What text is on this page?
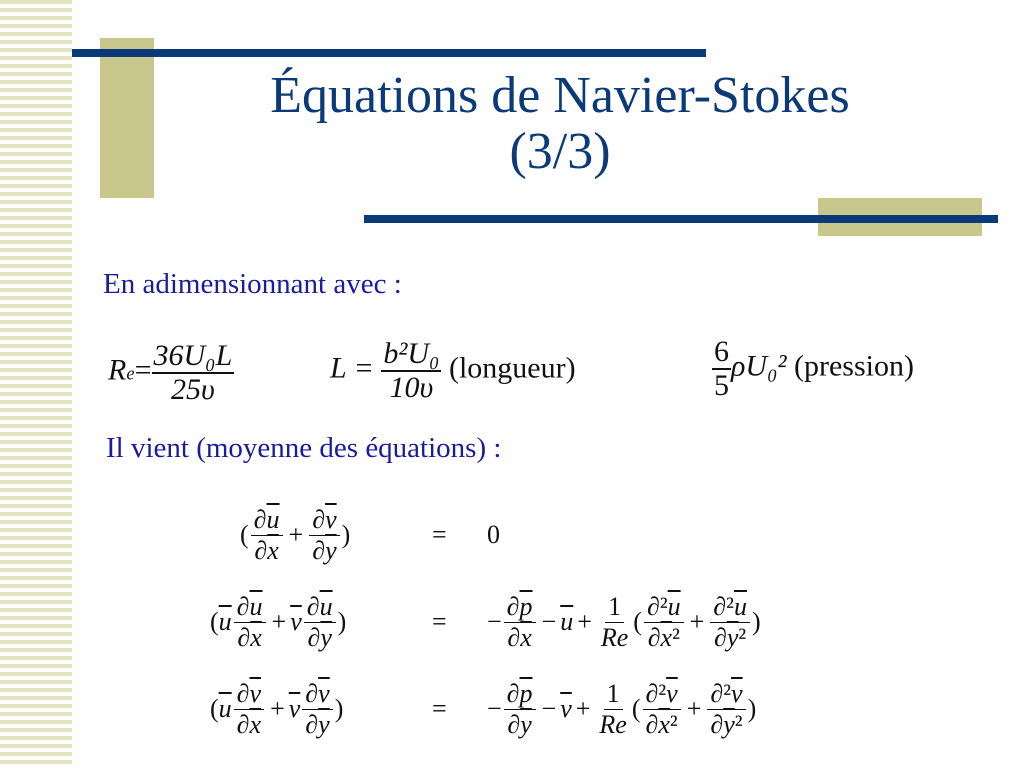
Équations de Navier-Stokes
(3/3)
En adimensionnant avec :
$Re= \frac{\text{36U₀L}}{25\upsilon}$	$L = \frac{\text{b²U₀}}{10\upsilon}$ (longueur)	$\frac{6}{5} \rho U_0^2$ (pression)
Il vient (moyenne des équations) :
( $\frac{\partial\overline{u}}{\partial\overline{x}} + \frac{\partial\overline{v}}{\partial\overline{y}}$ )	= 0
( $\overline{u} \frac{\partial\overline{u}}{\partial\overline{x}} + \overline{v} \frac{\partial\overline{u}}{\partial\overline{y}}$ )	= − $\frac{\partial\overline{p}}{\partial\overline{x}} - \overline{u} + \frac{1}{Re}$ ( $\frac{\partial^2\overline{u}}{\partial\overline{x}^2} + \frac{\partial^2\overline{u}}{\partial\overline{y}^2}$ )
( $\overline{u} \frac{\partial\overline{v}}{\partial\overline{x}} + \overline{v} \frac{\partial\overline{v}}{\partial\overline{y}}$ )	= − $\frac{\partial\overline{p}}{\partial\overline{y}} - \overline{v} + \frac{1}{Re}$ ( $\frac{\partial^2\overline{v}}{\partial\overline{x}^2} + \frac{\partial^2\overline{v}}{\partial\overline{y}^2}$ )
